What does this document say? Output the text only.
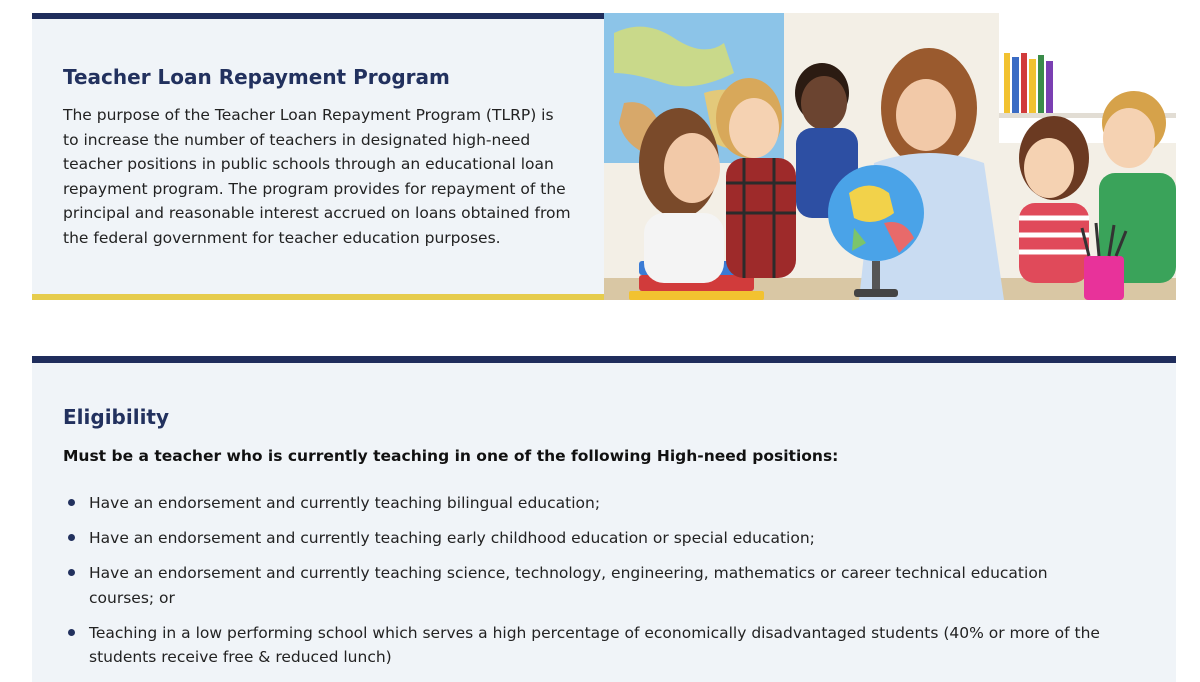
Teacher Loan Repayment Program

The purpose of the Teacher Loan Repayment Program (TLRP) is to increase the number of teachers in designated high-need teacher positions in public schools through an educational loan repayment program. The program provides for repayment of the principal and reasonable interest accrued on loans obtained from the federal government for teacher education purposes.

Eligibility

Must be a teacher who is currently teaching in one of the following High-need positions:

Have an endorsement and currently teaching bilingual education;
Have an endorsement and currently teaching early childhood education or special education;
Have an endorsement and currently teaching science, technology, engineering, mathematics or career technical education courses; or
Teaching in a low performing school which serves a high percentage of economically disadvantaged students (40% or more of the students receive free & reduced lunch)
